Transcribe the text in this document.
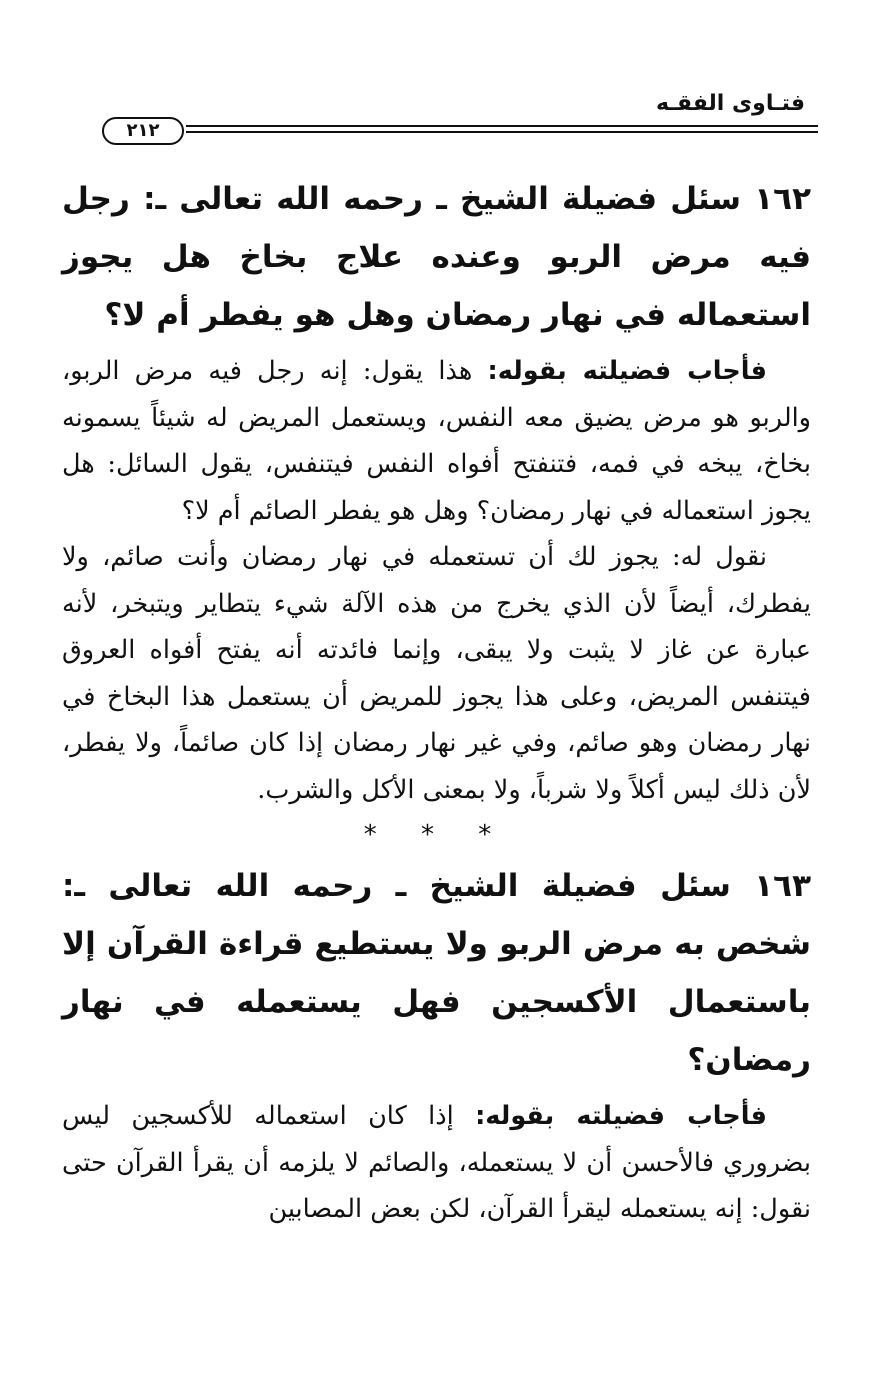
فتـاوى الفقـه
٢١٢

١٦٢ سئل فضيلة الشيخ ـ رحمه الله تعالى ـ: رجل فيه مرض الربو وعنده علاج بخاخ هل يجوز استعماله في نهار رمضان وهل هو يفطر أم لا؟

فأجاب فضيلته بقوله: هذا يقول: إنه رجل فيه مرض الربو، والربو هو مرض يضيق معه النفس، ويستعمل المريض له شيئاً يسمونه بخاخ، يبخه في فمه، فتنفتح أفواه النفس فيتنفس، يقول السائل: هل يجوز استعماله في نهار رمضان؟ وهل هو يفطر الصائم أم لا؟

نقول له: يجوز لك أن تستعمله في نهار رمضان وأنت صائم، ولا يفطرك، أيضاً لأن الذي يخرج من هذه الآلة شيء يتطاير ويتبخر، لأنه عبارة عن غاز لا يثبت ولا يبقى، وإنما فائدته أنه يفتح أفواه العروق فيتنفس المريض، وعلى هذا يجوز للمريض أن يستعمل هذا البخاخ في نهار رمضان وهو صائم، وفي غير نهار رمضان إذا كان صائماً، ولا يفطر، لأن ذلك ليس أكلاً ولا شرباً، ولا بمعنى الأكل والشرب.

* * *

١٦٣ سئل فضيلة الشيخ ـ رحمه الله تعالى ـ: شخص به مرض الربو ولا يستطيع قراءة القرآن إلا باستعمال الأكسجين فهل يستعمله في نهار رمضان؟

فأجاب فضيلته بقوله: إذا كان استعماله للأكسجين ليس بضروري فالأحسن أن لا يستعمله، والصائم لا يلزمه أن يقرأ القرآن حتى نقول: إنه يستعمله ليقرأ القرآن، لكن بعض المصابين
